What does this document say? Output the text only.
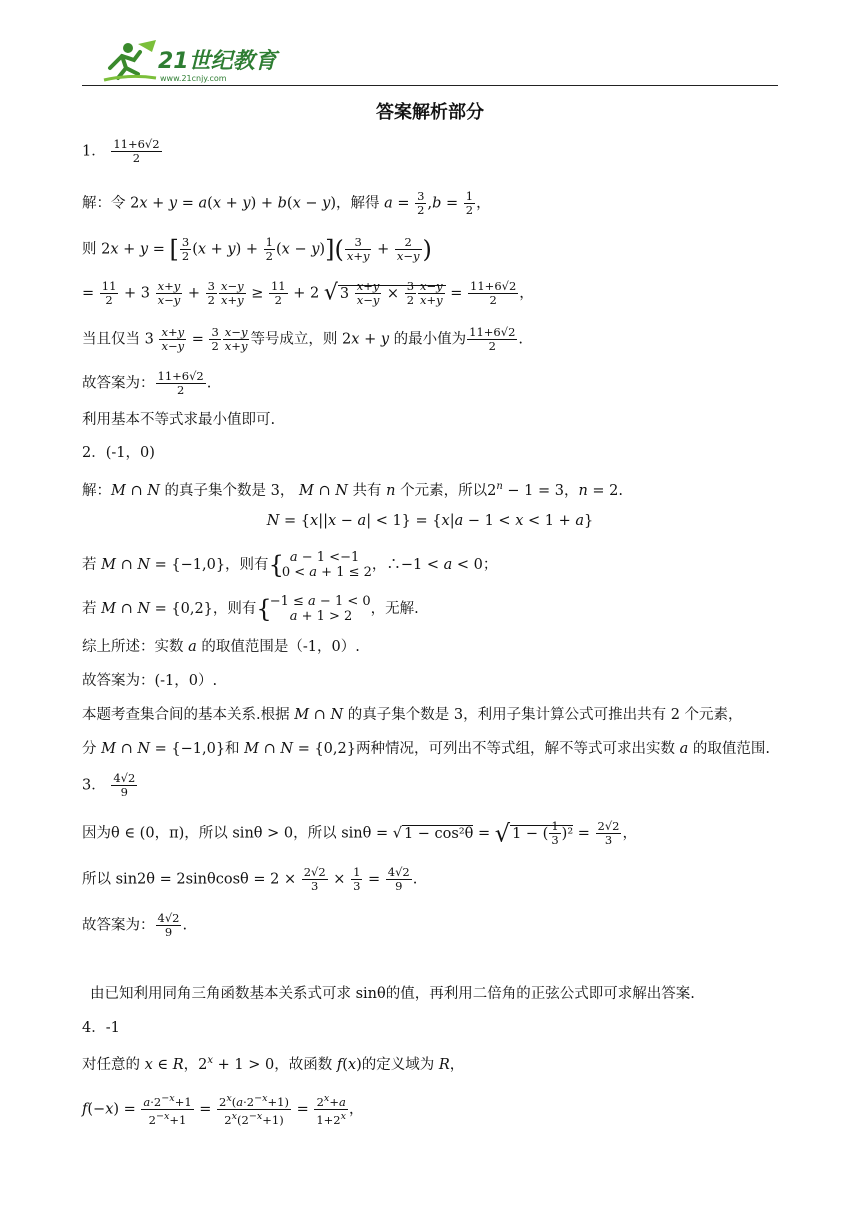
21世纪教育
www.21cnjy.com
答案解析部分
1． $\frac{11+6√2}{2}$
解：令 2x + y = a(x + y) + b(x − y)，解得 $a = \frac{3}{2} ,b = \frac{1}{2}$ ，
则 2x + y = [ $\frac{3}{2} (x + y) + \frac{1}{2} (x - y)]( \frac{3}{x+y} + \frac{2}{x-y}$ )
= $\frac{11}{2} + 3 \frac{x+y}{x-y} + \frac{3}{2} \frac{x-y}{x+y} \ge \frac{11}{2} + 2$ √ $3 \frac{x+y}{x-y} \times \frac{3}{2} \frac{x-y}{x+y} = \frac{11+6√2}{2}$ ，
当且仅当 $3 \frac{x+y}{x-y} = \frac{3}{2} \frac{x-y}{x+y}$ 等号成立，则 2x + y 的最小值为 $\frac{11+6√2}{2}$ .
故答案为： $\frac{11+6√2}{2}$ .
利用基本不等式求最小值即可.
2．(-1，0)
解：M ∩ N 的真子集个数是 3， M ∩ N 共有 n 个元素，所以$2^n - 1 = 3$，n = 2.
N = {x||x − a| < 1} = {x|a − 1 < x < 1 + a}
若 M ∩ N = {−1,0}，则有{ a − 1 <−1
0 < a + 1 ≤ 2 ，∴−1 < a < 0；
若 M ∩ N = {0,2}，则有{
−1 ≤ a − 1 < 0
a + 1 > 2	，无解.
综上所述：实数 a 的取值范围是（-1，0）.
故答案为：(-1，0）.
本题考查集合间的基本关系.根据 M ∩ N 的真子集个数是 3，利用子集计算公式可推出共有 2 个元素，
分 M ∩ N = {−1,0}和 M ∩ N = {0,2}两种情况，可列出不等式组，解不等式可求出实数 a 的取值范围.
3． $\frac{4√2}{9}$
因为θ ∈ (0，π)，所以 sinθ > 0，所以 sinθ = √ 1 − cos²θ = √ 1 − ( $\frac{1}{3} )^2 = \frac{2√2}{3}$ ，
所以 $\sin 2\theta = 2\sin\theta\cos\theta = 2 \times \frac{2√2}{3} \times \frac{1}{3} = \frac{4√2}{9}$ .
故答案为： $\frac{4√2}{9}$ .
由已知利用同角三角函数基本关系式可求 sinθ的值，再利用二倍角的正弦公式即可求解出答案.
4．-1
对任意的 x ∈ R，$2^x + 1 > 0$，故函数 f(x)的定义域为 R，
$f(-x) = \frac{a\cdot 2^{-x}+1}{2^{-x}+1} = \frac{2^x(a\cdot 2^{-x}+1)}{2^x(2^{-x}+1)} = \frac{2^x+a}{1+2^x}$ ，
